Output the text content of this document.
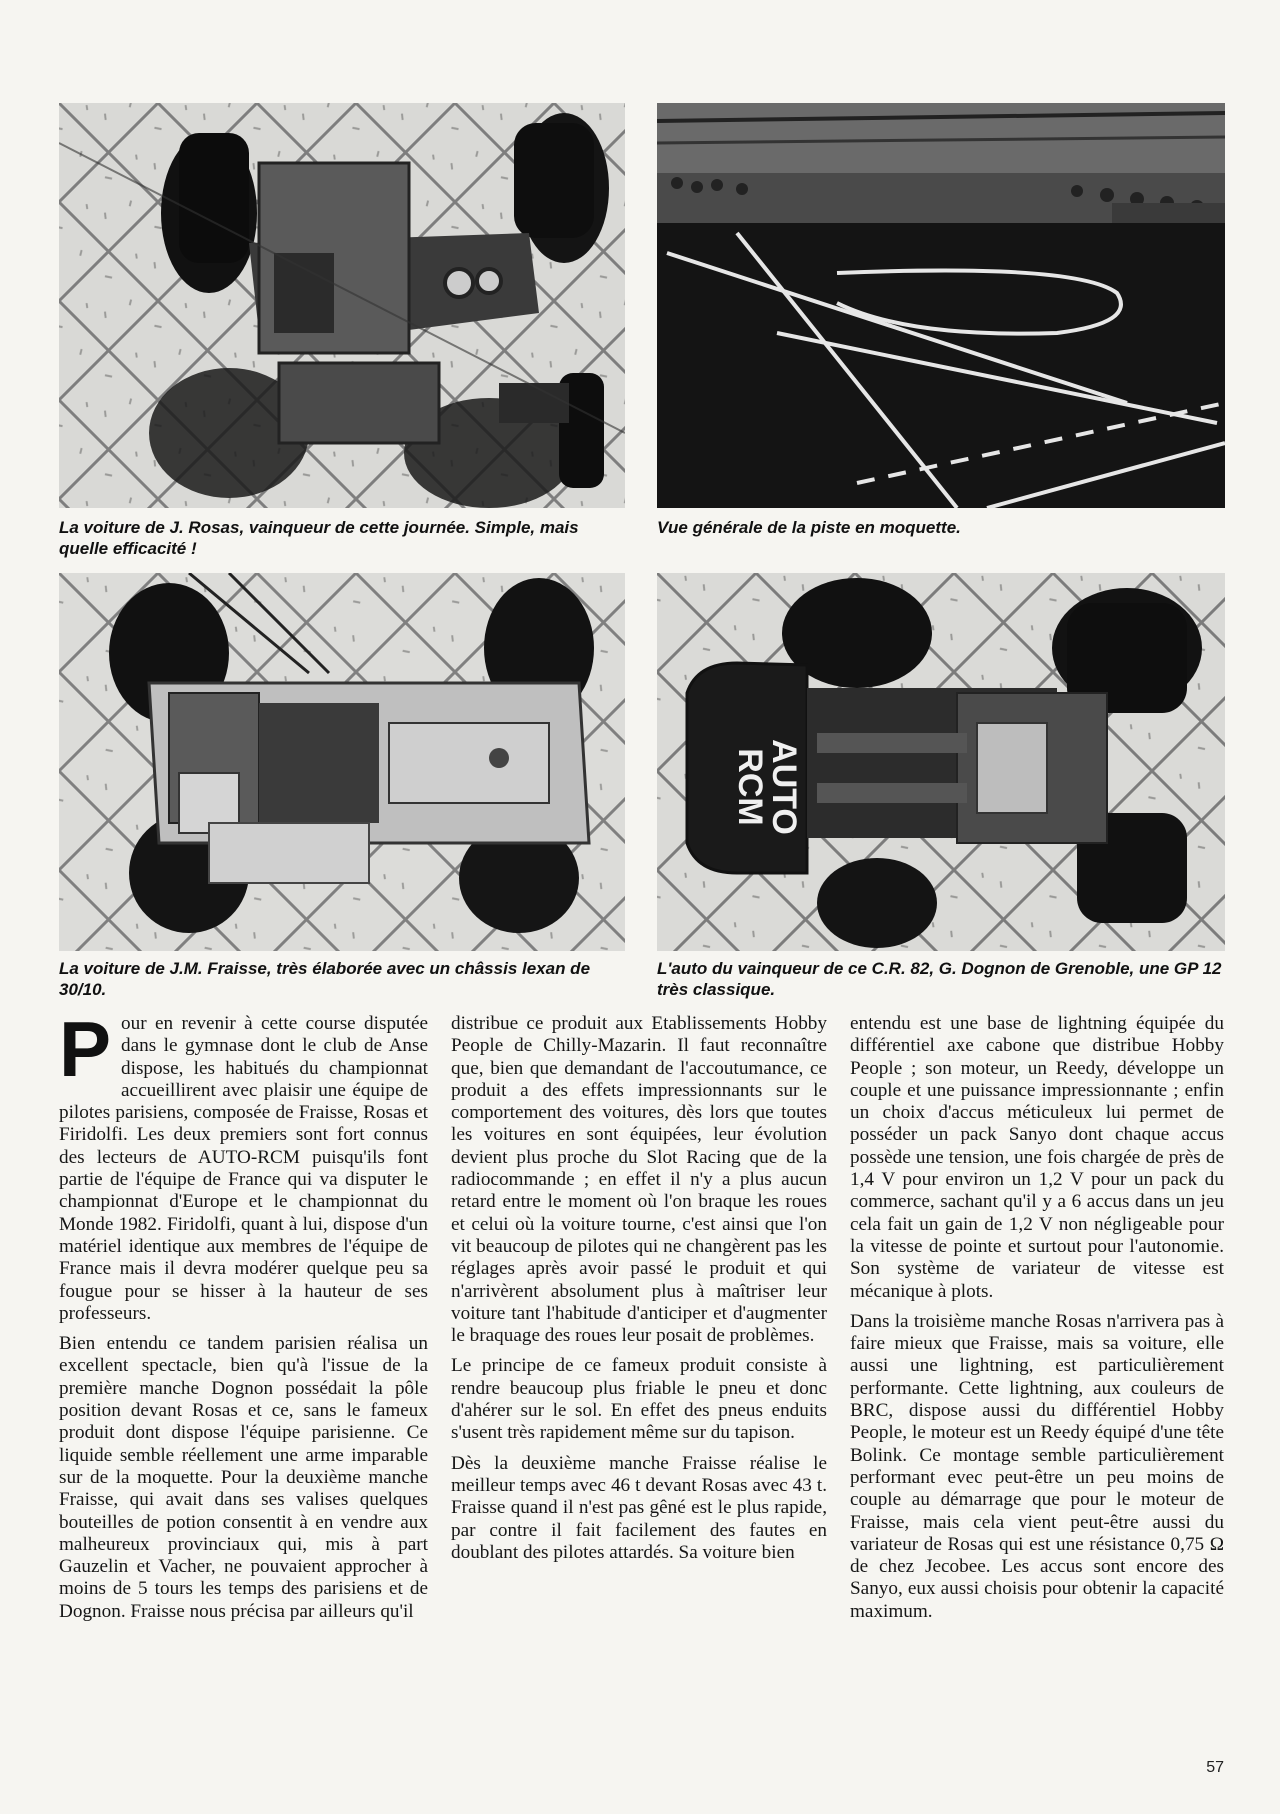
La voiture de J. Rosas, vainqueur de cette journée. Simple, mais quelle efficacité !

Vue générale de la piste en moquette.

La voiture de J.M. Fraisse, très élaborée avec un châssis lexan de 30/10.

AUTO RCM

L'auto du vainqueur de ce C.R. 82, G. Dognon de Grenoble, une GP 12 très classique.

Pour en revenir à cette course disputée dans le gymnase dont le club de Anse dispose, les habitués du championnat accueillirent avec plaisir une équipe de pilotes parisiens, composée de Fraisse, Rosas et Firidolfi. Les deux premiers sont fort connus des lecteurs de AUTO-RCM puisqu'ils font partie de l'équipe de France qui va disputer le championnat d'Europe et le championnat du Monde 1982. Firidolfi, quant à lui, dispose d'un matériel identique aux membres de l'équipe de France mais il devra modérer quelque peu sa fougue pour se hisser à la hauteur de ses professeurs.

Bien entendu ce tandem parisien réalisa un excellent spectacle, bien qu'à l'issue de la première manche Dognon possédait la pôle position devant Rosas et ce, sans le fameux produit dont dispose l'équipe parisienne. Ce liquide semble réellement une arme imparable sur de la moquette. Pour la deuxième manche Fraisse, qui avait dans ses valises quelques bouteilles de potion consentit à en vendre aux malheureux provinciaux qui, mis à part Gauzelin et Vacher, ne pouvaient approcher à moins de 5 tours les temps des parisiens et de Dognon. Fraisse nous précisa par ailleurs qu'il

distribue ce produit aux Etablissements Hobby People de Chilly-Mazarin. Il faut reconnaître que, bien que demandant de l'accoutumance, ce produit a des effets impressionnants sur le comportement des voitures, dès lors que toutes les voitures en sont équipées, leur évolution devient plus proche du Slot Racing que de la radiocommande ; en effet il n'y a plus aucun retard entre le moment où l'on braque les roues et celui où la voiture tourne, c'est ainsi que l'on vit beaucoup de pilotes qui ne changèrent pas les réglages après avoir passé le produit et qui n'arrivèrent absolument plus à maîtriser leur voiture tant l'habitude d'anticiper et d'augmenter le braquage des roues leur posait de problèmes.

Le principe de ce fameux produit consiste à rendre beaucoup plus friable le pneu et donc d'ahérer sur le sol. En effet des pneus enduits s'usent très rapidement même sur du tapison.

Dès la deuxième manche Fraisse réalise le meilleur temps avec 46 t devant Rosas avec 43 t. Fraisse quand il n'est pas gêné est le plus rapide, par contre il fait facilement des fautes en doublant des pilotes attardés. Sa voiture bien

entendu est une base de lightning équipée du différentiel axe cabone que distribue Hobby People ; son moteur, un Reedy, développe un couple et une puissance impressionnante ; enfin un choix d'accus méticuleux lui permet de posséder un pack Sanyo dont chaque accus possède une tension, une fois chargée de près de 1,4 V pour environ un 1,2 V pour un pack du commerce, sachant qu'il y a 6 accus dans un jeu cela fait un gain de 1,2 V non négligeable pour la vitesse de pointe et surtout pour l'autonomie. Son système de variateur de vitesse est mécanique à plots.

Dans la troisième manche Rosas n'arrivera pas à faire mieux que Fraisse, mais sa voiture, elle aussi une lightning, est particulièrement performante. Cette lightning, aux couleurs de BRC, dispose aussi du différentiel Hobby People, le moteur est un Reedy équipé d'une tête Bolink. Ce montage semble particulièrement performant evec peut-être un peu moins de couple au démarrage que pour le moteur de Fraisse, mais cela vient peut-être aussi du variateur de Rosas qui est une résistance 0,75 Ω de chez Jecobee. Les accus sont encore des Sanyo, eux aussi choisis pour obtenir la capacité maximum.

57
